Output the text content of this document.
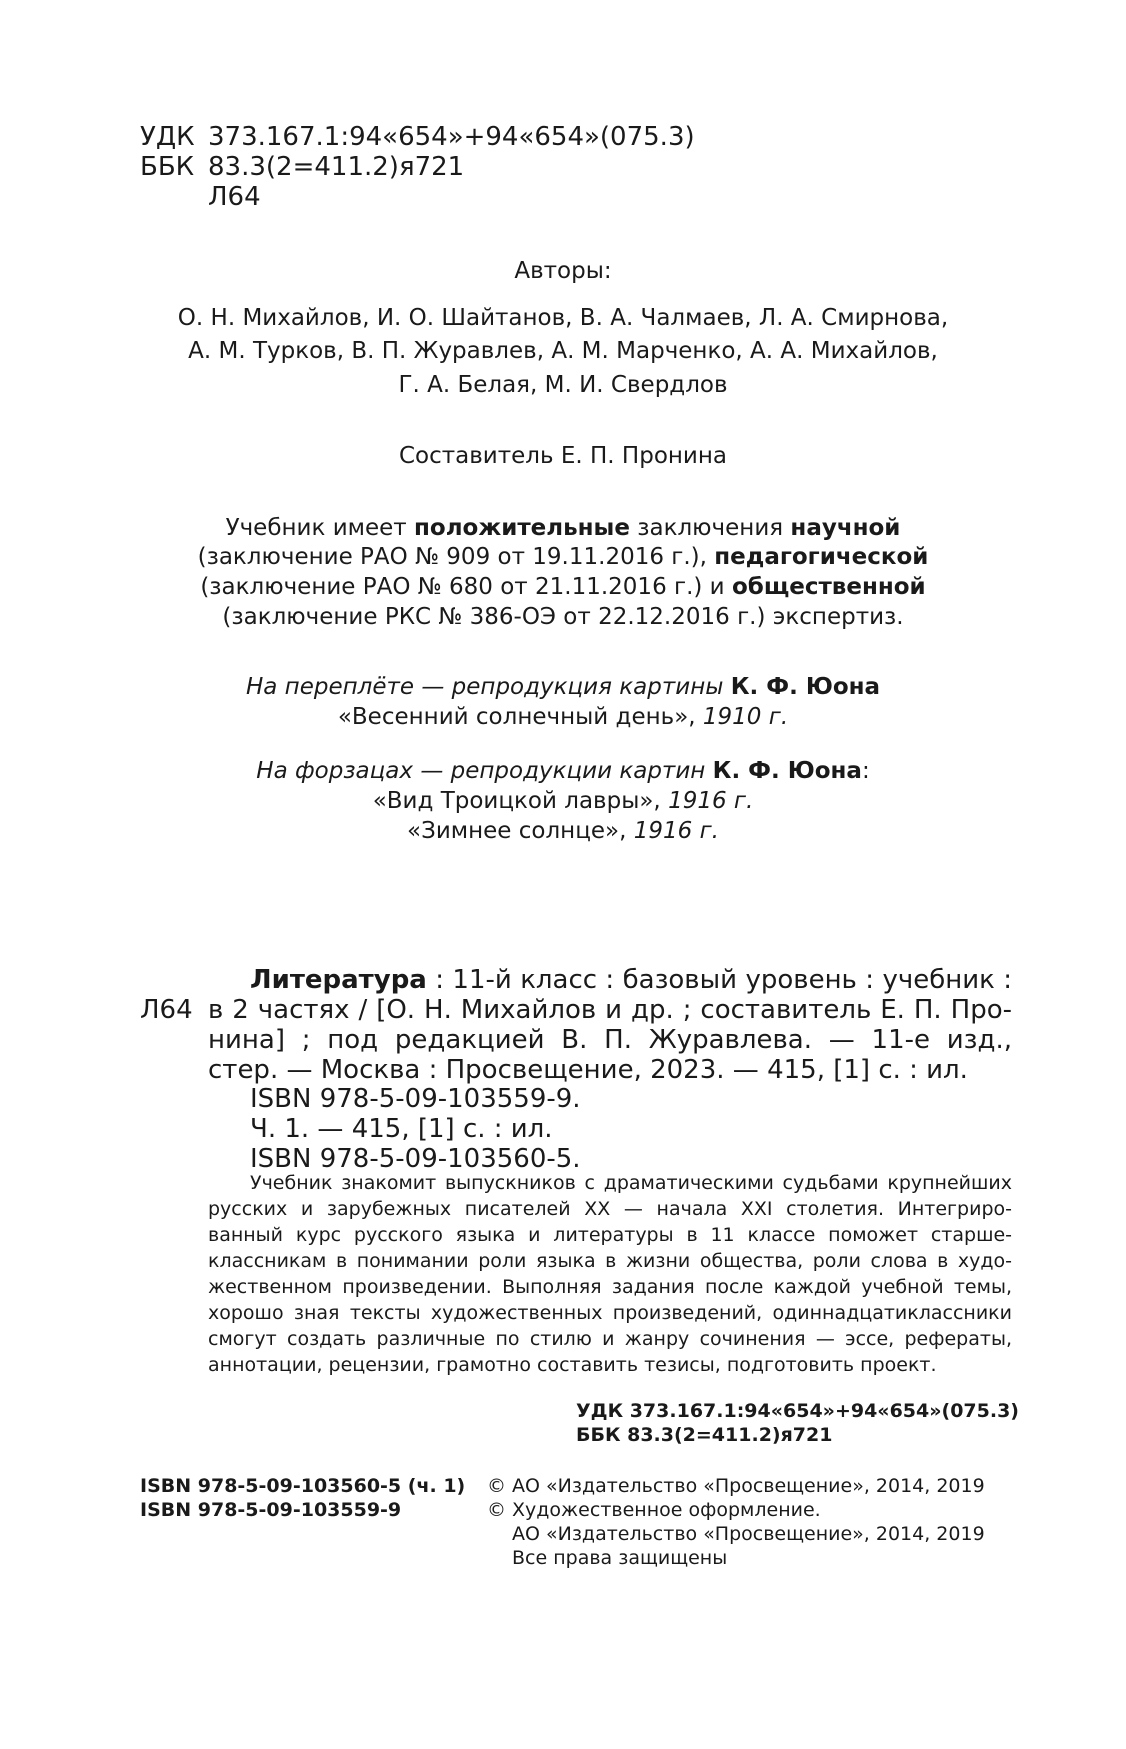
УДК 373.167.1:94«654»+94«654»(075.3)
ББК 83.3(2=411.2)я721
Л64
Авторы:
О. Н. Михайлов, И. О. Шайтанов, В. А. Чалмаев, Л. А. Смирнова,
А. М. Турков, В. П. Журавлев, А. М. Марченко, А. А. Михайлов,
Г. А. Белая, М. И. Свердлов
Составитель Е. П. Пронина
Учебник имеет положительные заключения научной
(заключение РАО № 909 от 19.11.2016 г.), педагогической
(заключение РАО № 680 от 21.11.2016 г.) и общественной
(заключение РКС № 386-ОЭ от 22.12.2016 г.) экспертиз.
На переплёте — репродукция картины К. Ф. Юона
«Весенний солнечный день», 1910 г.
На форзацах — репродукции картин К. Ф. Юона:
«Вид Троицкой лавры», 1916 г.
«Зимнее солнце», 1916 г.
Л64
Литература : 11-й класс : базовый уровень : учебник :
в 2 частях / [О. Н. Михайлов и др. ; составитель Е. П. Про-
нина] ; под редакцией В. П. Журавлева. — 11-е изд.,
стер. — Москва : Просвещение, 2023. — 415, [1] с. : ил.
ISBN 978-5-09-103559-9.
Ч. 1. — 415, [1] с. : ил.
ISBN 978-5-09-103560-5.
Учебник знакомит выпускников с драматическими судьбами крупнейших
русских и зарубежных писателей XX — начала XXI столетия. Интегриро-
ванный курс русского языка и литературы в 11 классе поможет старше-
классникам в понимании роли языка в жизни общества, роли слова в худо-
жественном произведении. Выполняя задания после каждой учебной темы,
хорошо зная тексты художественных произведений, одиннадцатиклассники
смогут создать различные по стилю и жанру сочинения — эссе, рефераты,
аннотации, рецензии, грамотно составить тезисы, подготовить проект.
УДК 373.167.1:94«654»+94«654»(075.3)
ББК 83.3(2=411.2)я721
ISBN 978-5-09-103560-5 (ч. 1)
ISBN 978-5-09-103559-9
© АО «Издательство «Просвещение», 2014, 2019
© Художественное оформление.
АО «Издательство «Просвещение», 2014, 2019
Все права защищены
